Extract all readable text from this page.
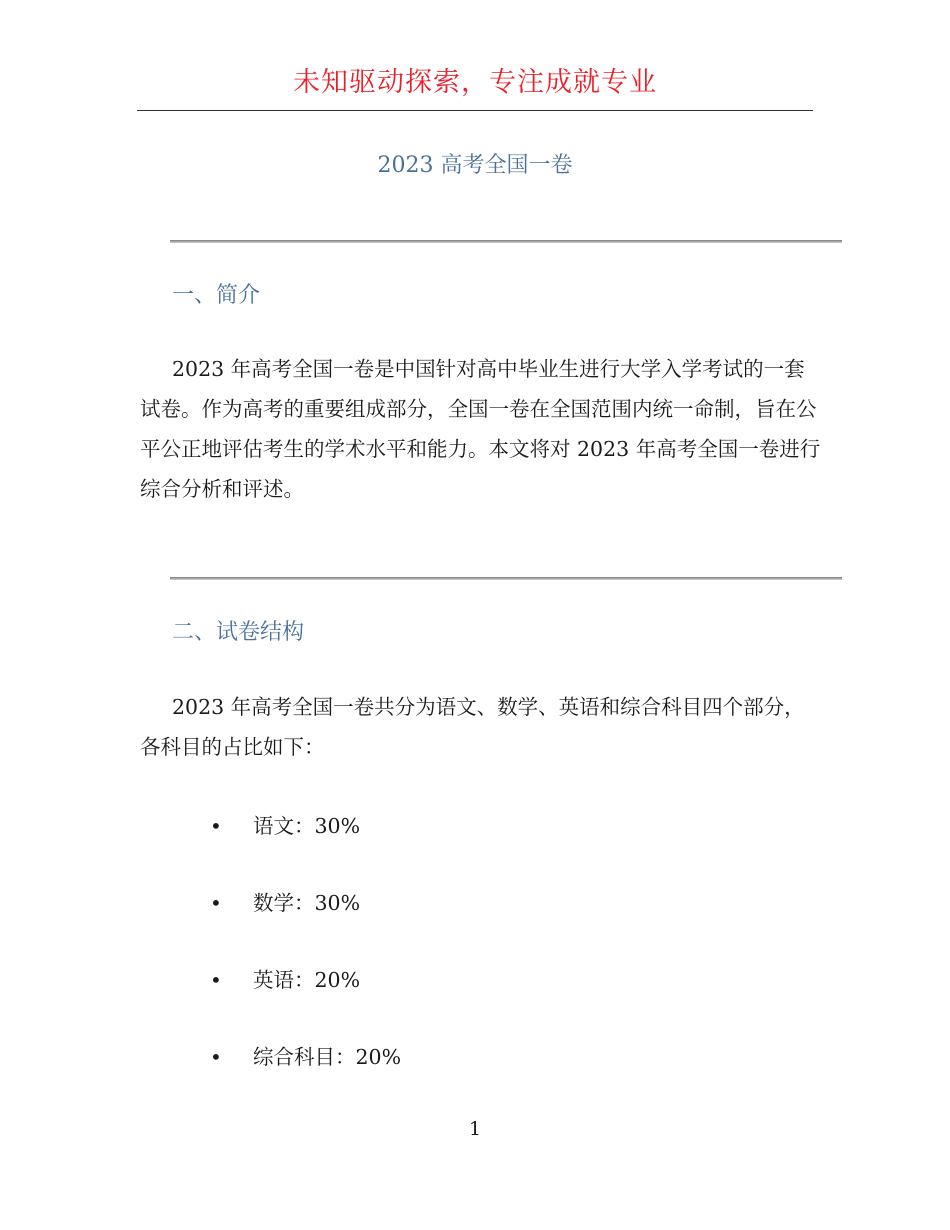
未知驱动探索，专注成就专业
2023 高考全国一卷
一、简介

2023 年高考全国一卷是中国针对高中毕业生进行大学入学考试的一套试卷。作为高考的重要组成部分，全国一卷在全国范围内统一命制，旨在公平公正地评估考生的学术水平和能力。本文将对 2023 年高考全国一卷进行综合分析和评述。

二、试卷结构

2023 年高考全国一卷共分为语文、数学、英语和综合科目四个部分，各科目的占比如下：

•	语文：30%
•	数学：30%
•	英语：20%
•	综合科目：20%
1
